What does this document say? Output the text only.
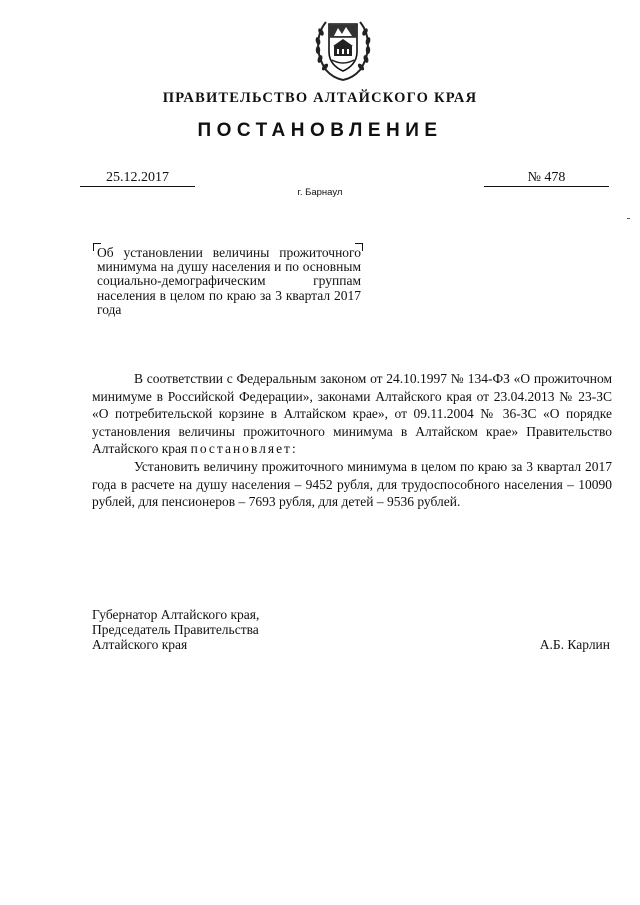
ПРАВИТЕЛЬСТВО АЛТАЙСКОГО КРАЯ
ПОСТАНОВЛЕНИЕ
25.12.2017	№ 478
г. Барнаул
Об установлении величины прожиточного минимума на душу населения и по основным социально-демографическим группам населения в целом по краю за 3 квартал 2017 года

В соответствии с Федеральным законом от 24.10.1997 № 134-ФЗ «О прожиточном минимуме в Российской Федерации», законами Алтайского края от 23.04.2013 № 23-ЗС «О потребительской корзине в Алтайском крае», от 09.11.2004 № 36-ЗС «О порядке установления величины прожиточного минимума в Алтайском крае» Правительство Алтайского края постановляет:

Установить величину прожиточного минимума в целом по краю за 3 квартал 2017 года в расчете на душу населения – 9452 рубля, для трудоспособного населения – 10090 рублей, для пенсионеров – 7693 рубля, для детей – 9536 рублей.

Губернатор Алтайского края,
Председатель Правительства
Алтайского края	А.Б. Карлин
